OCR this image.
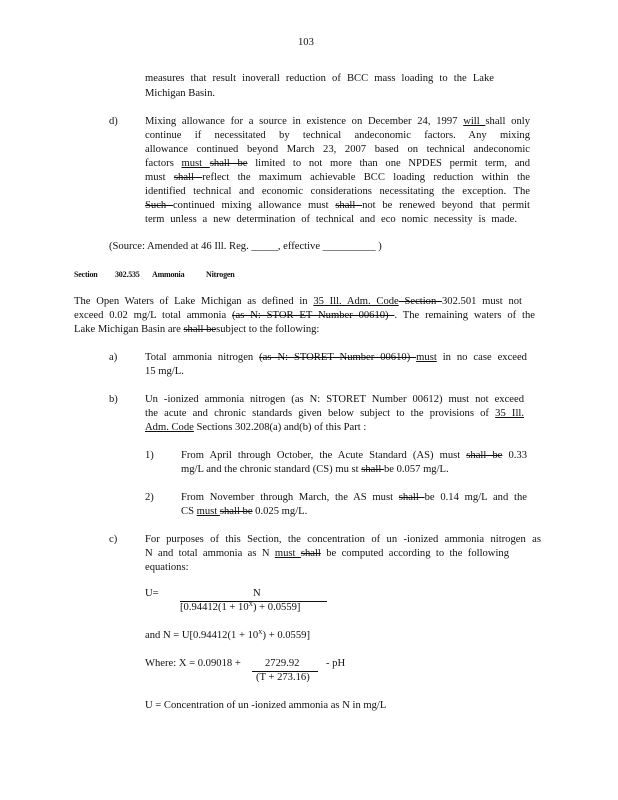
103
measures that result inoverall reduction of BCC mass loading to the Lake
Michigan Basin.
d)	Mixing allowance for a source in existence on December 24, 1997 will shall only
continue if necessitated by technical andeconomic factors. Any mixing
allowance continued beyond March 23, 2007 based on technical andeconomic
factors must shall be limited to not more than one NPDES permit term, and
must shall reflect the maximum achievable BCC loading reduction within the
identified technical and economic considerations necessitating the exception. The
Such continued mixing allowance must shall not be renewed beyond that permit
term unless a new determination of technical and eco nomic necessity is made.
(Source: Amended at 46 Ill. Reg. _____, effective __________ )
Section 302.535 Ammonia	Nitrogen
The Open Waters of Lake Michigan as defined in 35 Ill. Adm. Code Section 302.501 must not
exceed 0.02 mg/L total ammonia (as N: STOR ET Number 00610) . The remaining waters of the
Lake Michigan Basin are shall besubject to the following:
a)	Total ammonia nitrogen (as N: STORET Number 00610) must in no case exceed
15 mg/L.
b)	Un -ionized ammonia nitrogen (as N: STORET Number 00612) must not exceed
the acute and chronic standards given below subject to the provisions of 35 Ill.
Adm. Code Sections 302.208(a) and(b) of this Part :
1)	From April through October, the Acute Standard (AS) must shall be 0.33
mg/L and the chronic standard (CS) mu st shall be 0.057 mg/L.
2)	From November through March, the AS must shall be 0.14 mg/L and the
CS must shall be 0.025 mg/L.
c)	For purposes of this Section, the concentration of un -ionized ammonia nitrogen as
N and total ammonia as N must shall be computed according to the following
equations:
U=	N
$[0.94412(1 + 10^X) + 0.0559]$
and $N = U[0.94412(1 + 10^X) + 0.0559]$
Where: X = 0.09018 + 2729.92
(T + 273.16)
- pH
U = Concentration of un -ionized ammonia as N in mg/L
